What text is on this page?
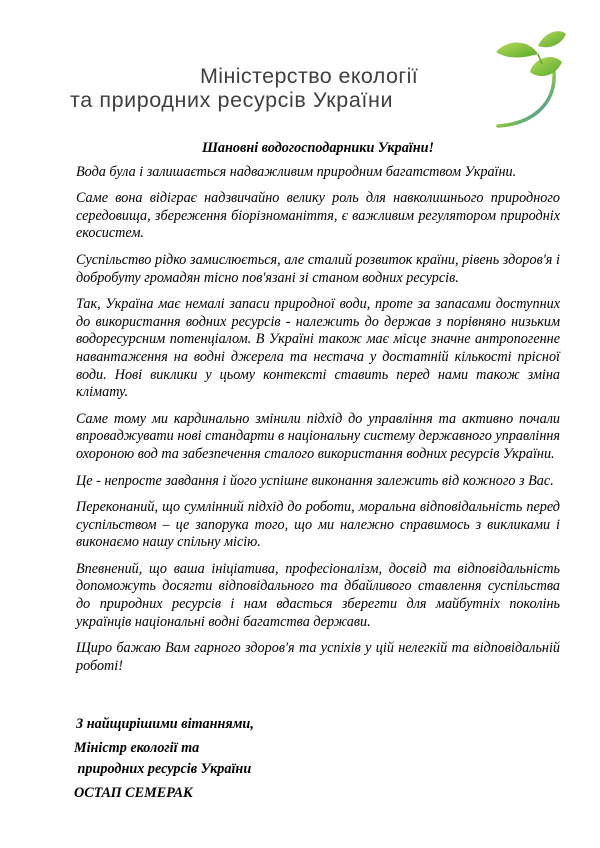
Міністерство екології
та природних ресурсів України

Шановні водогосподарники України!

Вода була і залишається надважливим природним багатством України.

Саме вона відіграє надзвичайно велику роль для навколишнього природного середовища, збереження біорізноманіття, є важливим регулятором природніх екосистем.

Суспільство рідко замислюється, але сталий розвиток країни, рівень здоров'я і добробуту громадян тісно пов'язані зі станом водних ресурсів.

Так, Україна має немалі запаси природної води, проте за запасами доступних до використання водних ресурсів - належить до держав з порівняно низьким водоресурсним потенціалом. В Україні також має місце значне антропогенне навантаження на водні джерела та нестача у достатній кількості прісної води. Нові виклики у цьому контексті ставить перед нами також зміна клімату.

Саме тому ми кардинально змінили підхід до управління та активно почали впроваджувати нові стандарти в національну систему державного управління охороною вод та забезпечення сталого використання водних ресурсів України.

Це - непросте завдання і його успішне виконання залежить від кожного з Вас.

Переконаний, що сумлінний підхід до роботи, моральна відповідальність перед суспільством – це запорука того, що ми належно справимось з викликами і виконаємо нашу спільну місію.

Впевнений, що ваша ініціатива, професіоналізм, досвід та відповідальність допоможуть досягти відповідального та дбайливого ставлення суспільства до природних ресурсів і нам вдасться зберегти для майбутніх поколінь українців національні водні багатства держави.

Щиро бажаю Вам гарного здоров'я та успіхів у цій нелегкій та відповідальній роботі!

З найщирішими вітаннями,
Міністр екології та
природних ресурсів України
ОСТАП СЕМЕРАК
